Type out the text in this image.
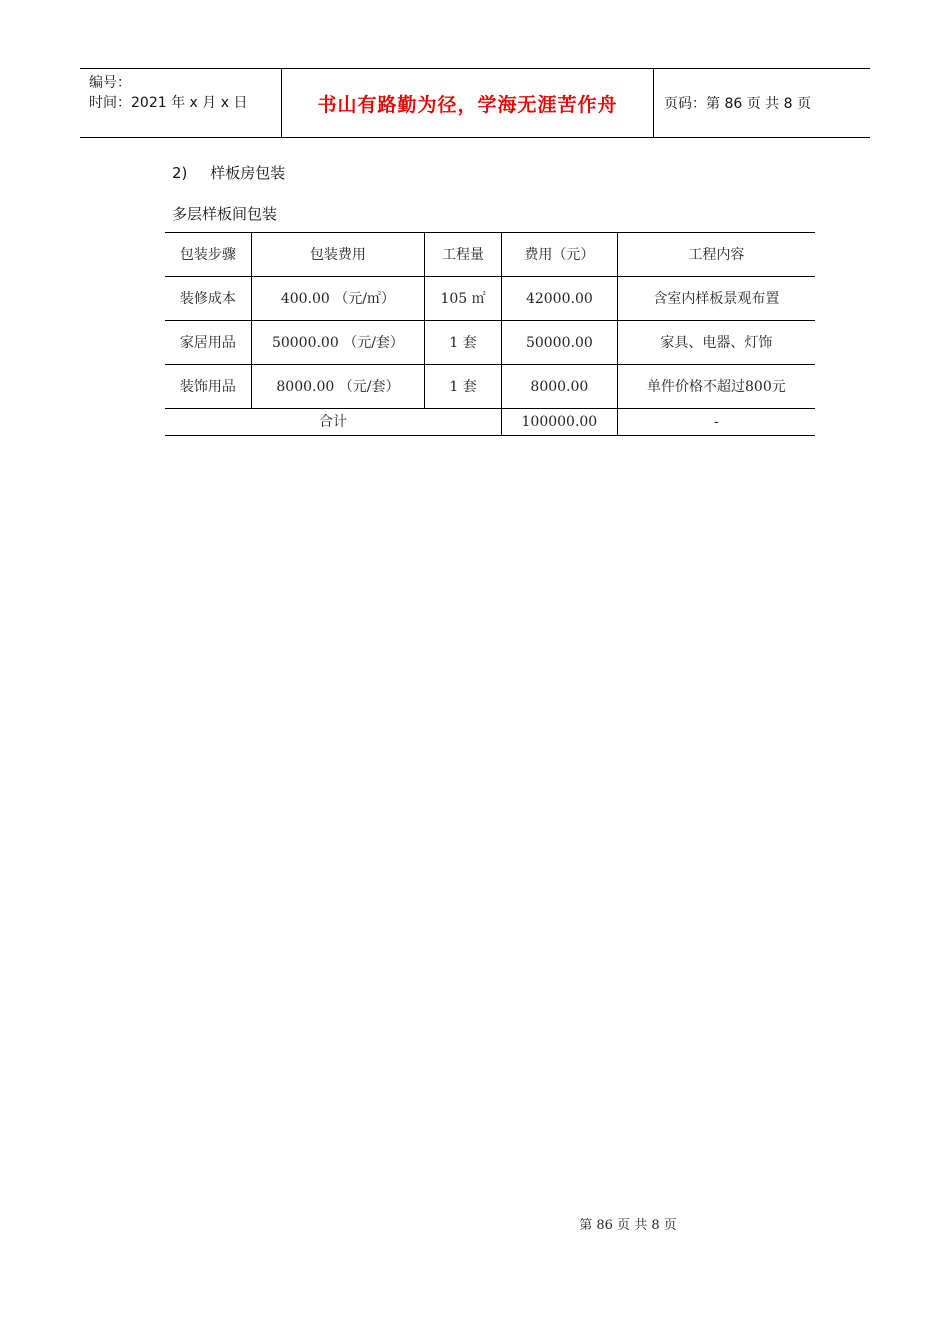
编号：
时间：2021 年 x 月 x 日	书山有路勤为径，学海无涯苦作舟	页码：第 86 页 共 8 页
2) 样板房包装
多层样板间包装
包装步骤	包装费用	工程量	费用（元）	工程内容
装修成本	400.00 （元/㎡）	105 ㎡	42000.00	含室内样板景观布置
家居用品	50000.00 （元/套）	1 套	50000.00	家具、电器、灯饰
装饰用品	8000.00 （元/套）	1 套	8000.00	单件价格不超过800元
合计			100000.00	-
第 86 页 共 8 页
